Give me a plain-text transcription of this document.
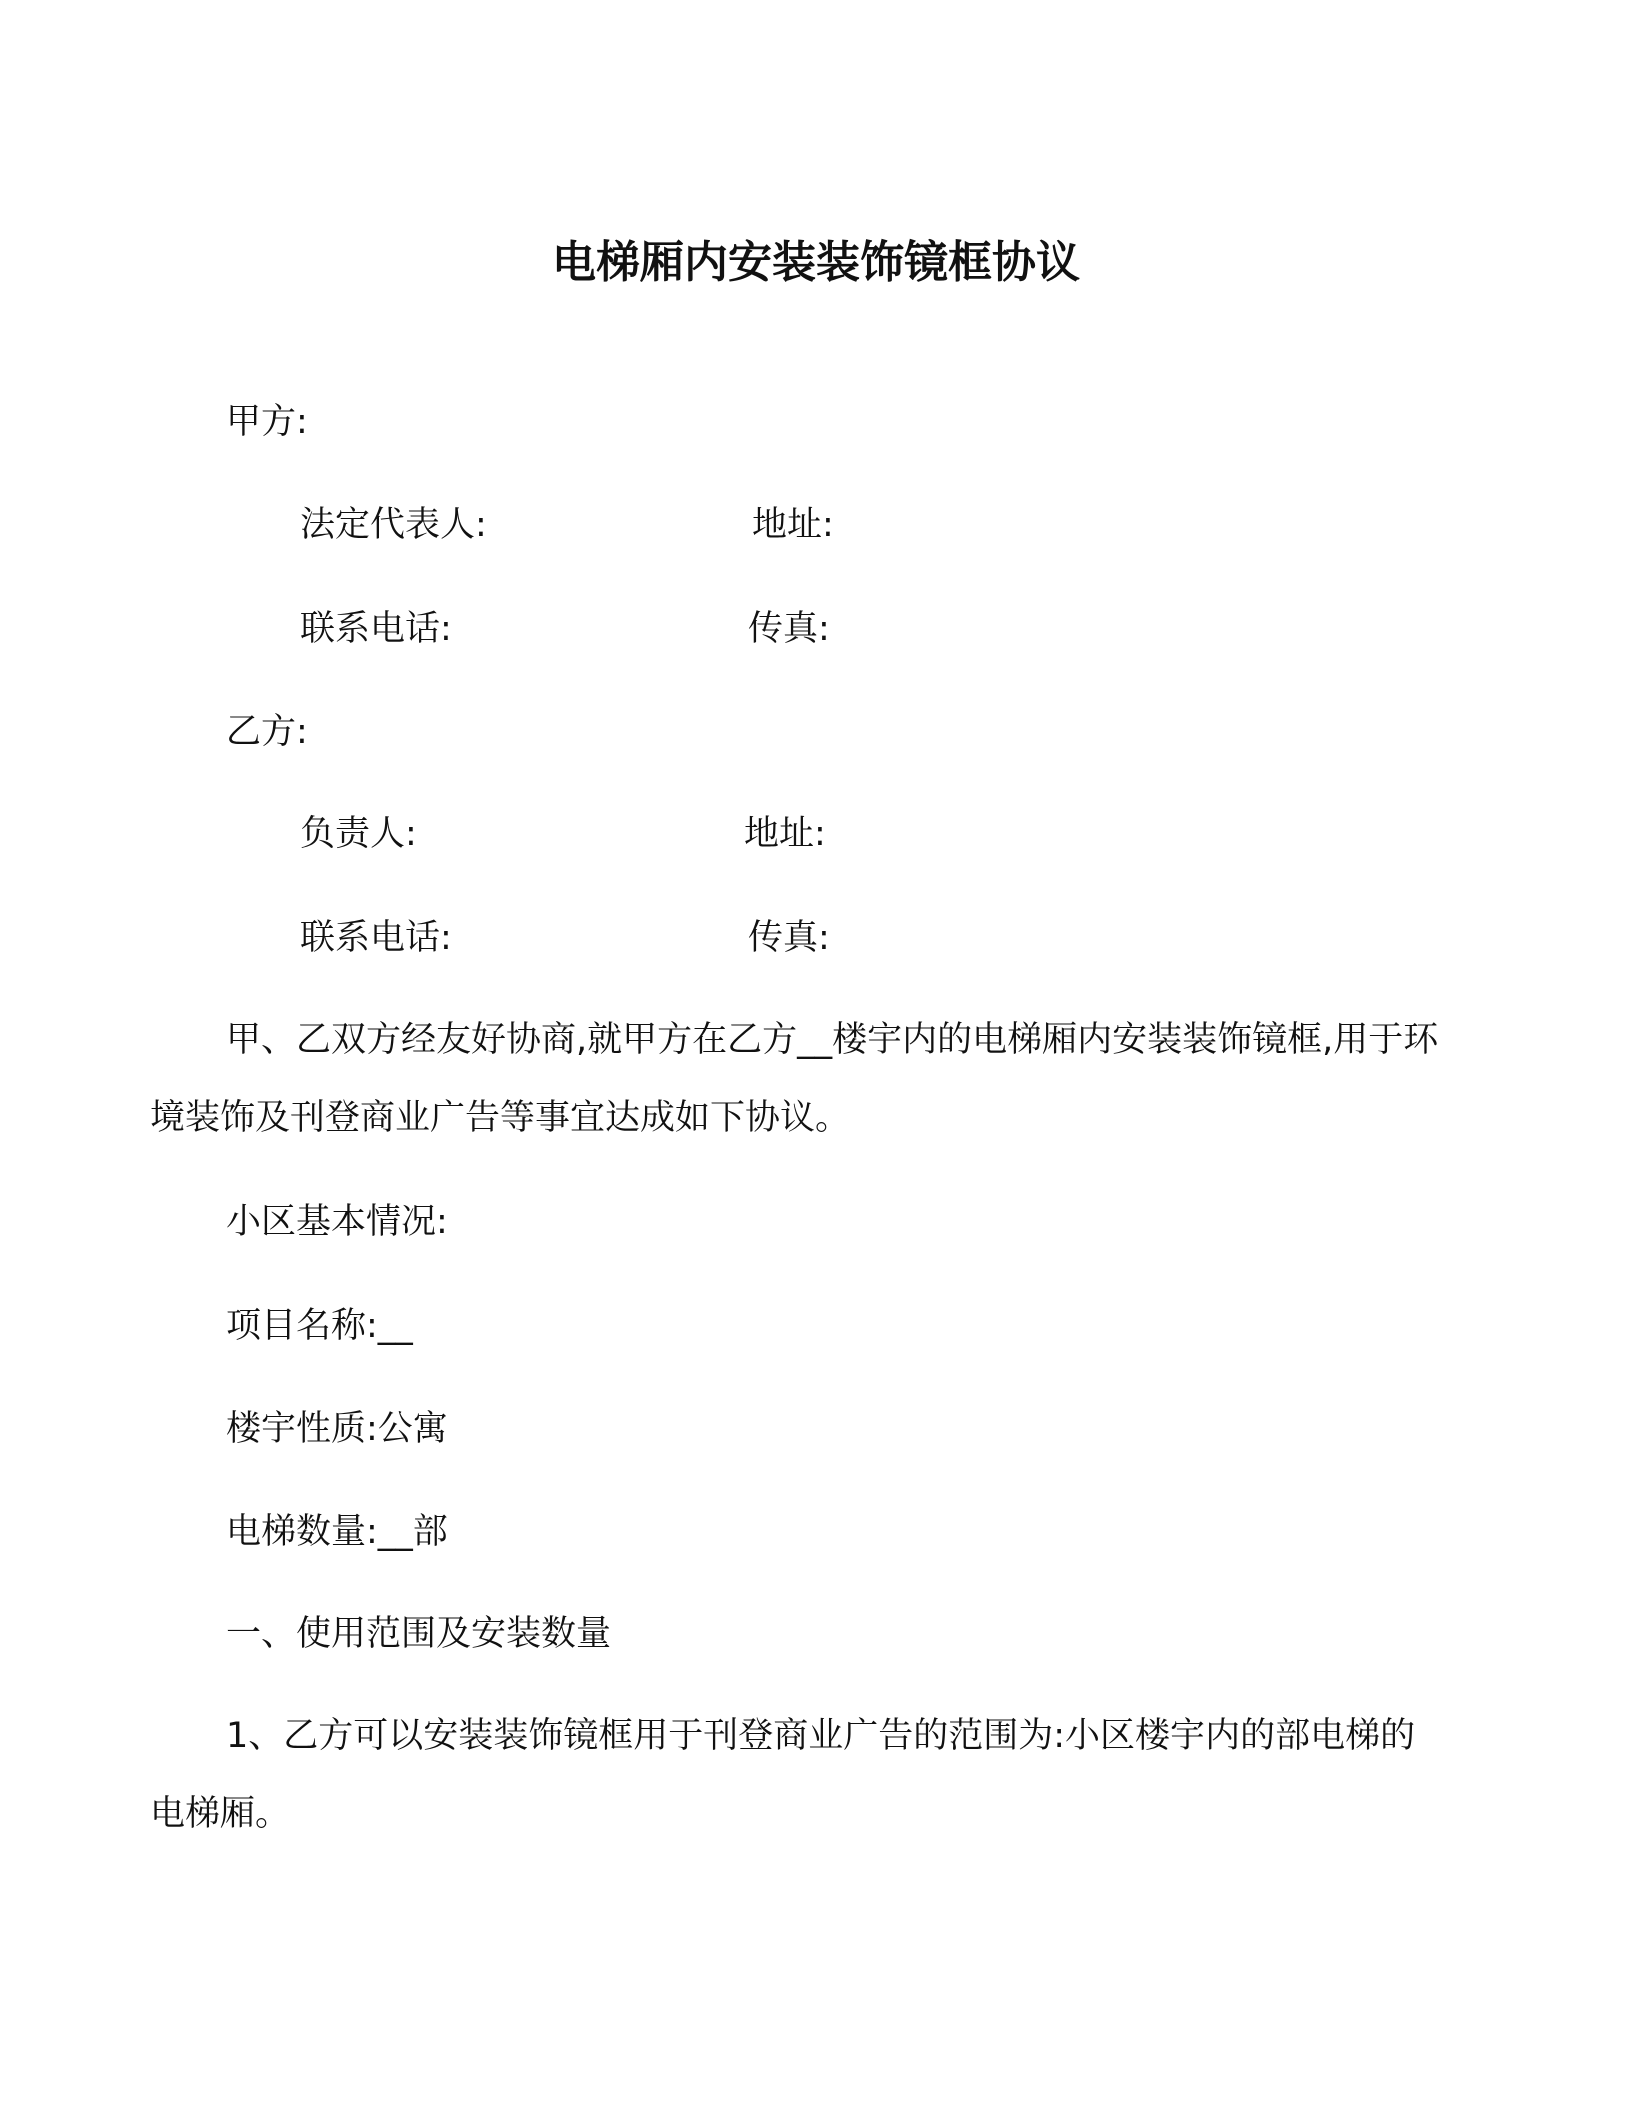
电梯厢内安装装饰镜框协议
甲方:
法定代表人:	地址:
联系电话:	传真:
乙方:
负责人:	地址:
联系电话:	传真:
甲、乙双方经友好协商,就甲方在乙方__楼宇内的电梯厢内安装装饰镜框,用于环境装饰及刊登商业广告等事宜达成如下协议。
小区基本情况:
项目名称:__
楼宇性质:公寓
电梯数量:__部
一、使用范围及安装数量
1、乙方可以安装装饰镜框用于刊登商业广告的范围为:小区楼宇内的部电梯的电梯厢。
